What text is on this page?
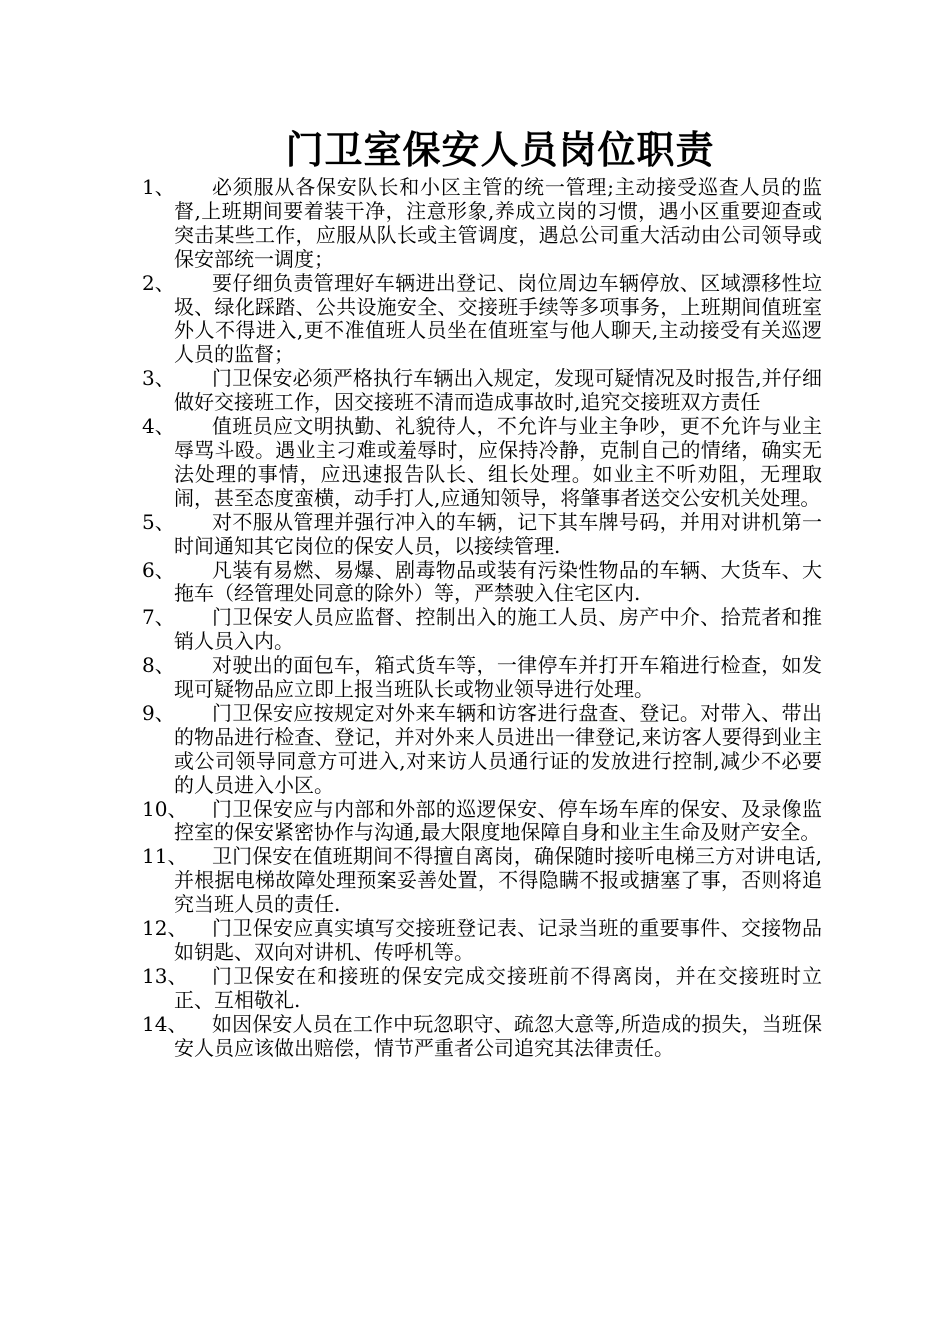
门卫室保安人员岗位职责
1、	必须服从各保安队长和小区主管的统一管理;主动接受巡查人员的监督,上班期间要着装干净，注意形象,养成立岗的习惯，遇小区重要迎查或突击某些工作，应服从队长或主管调度，遇总公司重大活动由公司领导或保安部统一调度；
2、	要仔细负责管理好车辆进出登记、岗位周边车辆停放、区域漂移性垃圾、绿化踩踏、公共设施安全、交接班手续等多项事务，上班期间值班室外人不得进入,更不准值班人员坐在值班室与他人聊天,主动接受有关巡逻人员的监督；
3、	门卫保安必须严格执行车辆出入规定，发现可疑情况及时报告,并仔细做好交接班工作，因交接班不清而造成事故时,追究交接班双方责任
4、	值班员应文明执勤、礼貌待人，不允许与业主争吵，更不允许与业主辱骂斗殴。遇业主刁难或羞辱时，应保持冷静，克制自己的情绪，确实无法处理的事情，应迅速报告队长、组长处理。如业主不听劝阻，无理取闹，甚至态度蛮横，动手打人,应通知领导，将肇事者送交公安机关处理。
5、	对不服从管理并强行冲入的车辆，记下其车牌号码，并用对讲机第一时间通知其它岗位的保安人员，以接续管理.
6、	凡装有易燃、易爆、剧毒物品或装有污染性物品的车辆、大货车、大拖车（经管理处同意的除外）等，严禁驶入住宅区内.
7、	门卫保安人员应监督、控制出入的施工人员、房产中介、拾荒者和推销人员入内。
8、	对驶出的面包车，箱式货车等，一律停车并打开车箱进行检查，如发现可疑物品应立即上报当班队长或物业领导进行处理。
9、	门卫保安应按规定对外来车辆和访客进行盘查、登记。对带入、带出的物品进行检查、登记，并对外来人员进出一律登记,来访客人要得到业主或公司领导同意方可进入,对来访人员通行证的发放进行控制,减少不必要的人员进入小区。
10、	门卫保安应与内部和外部的巡逻保安、停车场车库的保安、及录像监控室的保安紧密协作与沟通,最大限度地保障自身和业主生命及财产安全。
11、	卫门保安在值班期间不得擅自离岗，确保随时接听电梯三方对讲电话,并根据电梯故障处理预案妥善处置，不得隐瞒不报或搪塞了事，否则将追究当班人员的责任.
12、	门卫保安应真实填写交接班登记表、记录当班的重要事件、交接物品如钥匙、双向对讲机、传呼机等。
13、	门卫保安在和接班的保安完成交接班前不得离岗，并在交接班时立正、互相敬礼.
14、	如因保安人员在工作中玩忽职守、疏忽大意等,所造成的损失，当班保安人员应该做出赔偿，情节严重者公司追究其法律责任。
